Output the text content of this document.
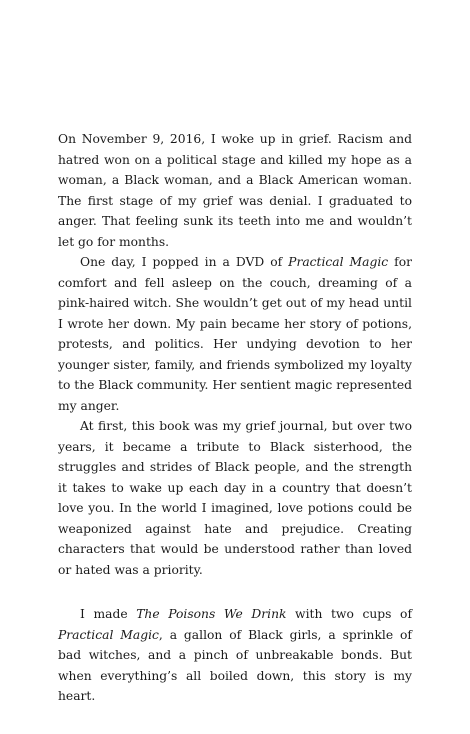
On November 9, 2016, I woke up in grief. Racism and hatred won on a political stage and killed my hope as a woman, a Black woman, and a Black American woman. The first stage of my grief was denial. I graduated to anger. That feeling sunk its teeth into me and wouldn’t let go for months.

One day, I popped in a DVD of Practical Magic for comfort and fell asleep on the couch, dreaming of a pink-haired witch. She wouldn’t get out of my head until I wrote her down. My pain became her story of potions, protests, and politics. Her undying devotion to her younger sister, family, and friends symbolized my loyalty to the Black community. Her sentient magic represented my anger.

At first, this book was my grief journal, but over two years, it became a tribute to Black sisterhood, the struggles and strides of Black people, and the strength it takes to wake up each day in a country that doesn’t love you. In the world I imagined, love potions could be weaponized against hate and prejudice. Creating characters that would be understood rather than loved or hated was a priority.

I made The Poisons We Drink with two cups of Practical Magic, a gallon of Black girls, a sprinkle of bad witches, and a pinch of unbreakable bonds. But when everything’s all boiled down, this story is my heart.
